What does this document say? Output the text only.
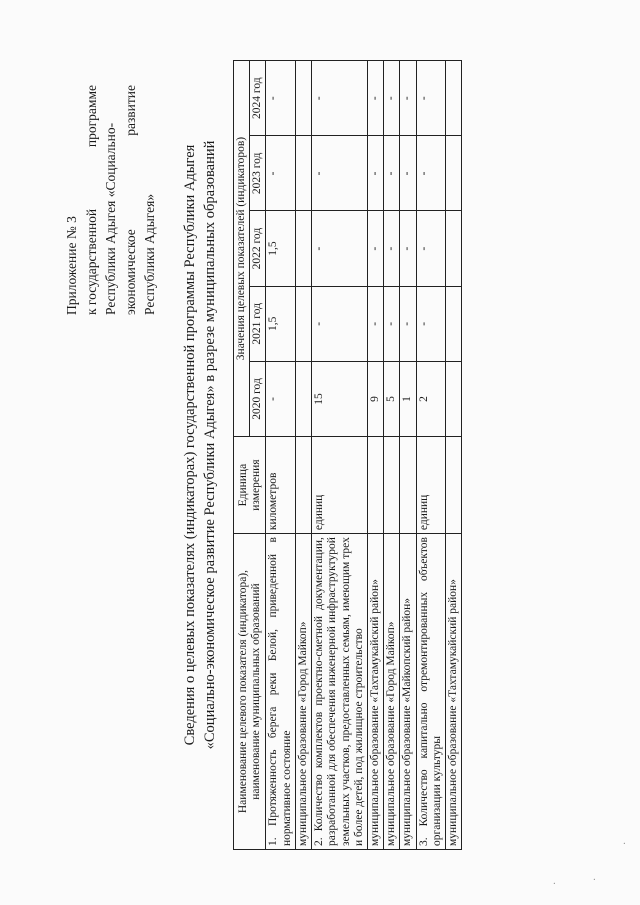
Приложение № 3 к государственной
программе
Республики Адыгея «Социально- экономическое
развитие
Республики Адыгея» Сведения о целевых показателях (индикаторах) государственной программы Республики Адыгея «Социально-экономическое развитие Республики Адыгея» в разрезе муниципальных образований Наименование целевого показателя (индикатора), наименование муниципальных образований	Единица измерения	Значения целевых показателей (индикаторов)				
		2020 год	2021 год	2022 год	2023 год	2024 год
1. Протяженность берега реки Белой, приведенной в нормативное состояние	километров	-	1,5	1,5	-	-
муниципальное образование «Город Майкоп»						
2. Количество комплектов проектно-сметной документации, разработанной для обеспечения инженерной инфраструктурой земельных участков, предоставленных семьям, имеющим трех и более детей, под жилищное строительство	единиц	15	-	-	-	-
муниципальное образование «Тахтамукайский район»		9	-	-	-	-
муниципальное образование «Город Майкоп»		5	-	-	-	-
муниципальное образование «Майкопский район»		1	-	-	-	-
3. Количество капитально отремонтированных объектов организации культуры	единиц	2	-	-	-	-
муниципальное образование «Тахтамукайский район»						
·
·
·
